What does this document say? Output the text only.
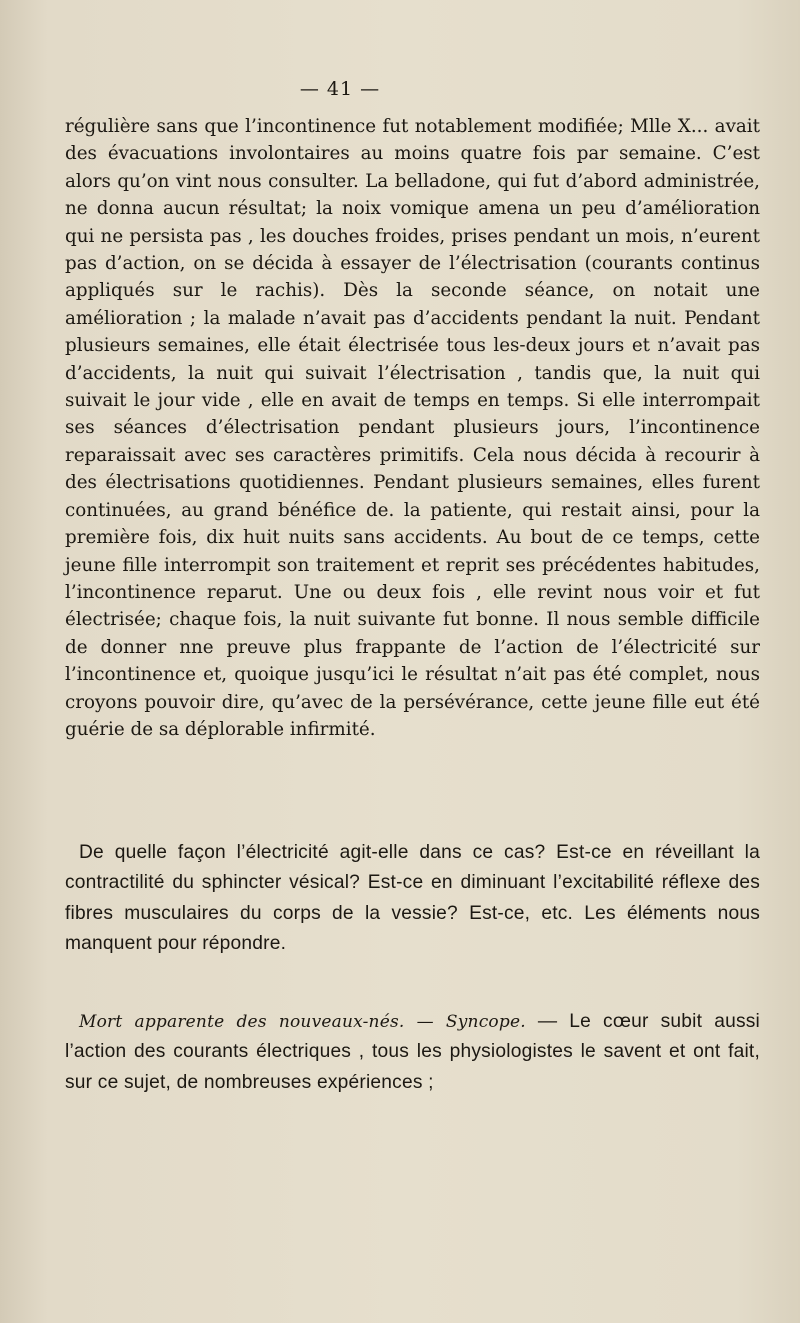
— 41 —

régulière sans que l’incontinence fut notablement modifiée; Mlle X... avait des évacuations involontaires au moins quatre fois par semaine. C’est alors qu’on vint nous consulter. La belladone, qui fut d’abord administrée, ne donna aucun résultat; la noix vomique amena un peu d’amélioration qui ne persista pas , les douches froides, prises pendant un mois, n’eurent pas d’action, on se décida à essayer de l’électrisation (courants continus appliqués sur le rachis). Dès la seconde séance, on notait une amélioration ; la malade n’avait pas d’accidents pendant la nuit. Pendant plusieurs semaines, elle était électrisée tous les-deux jours et n’avait pas d’accidents, la nuit qui suivait l’électrisation , tandis que, la nuit qui suivait le jour vide , elle en avait de temps en temps. Si elle interrompait ses séances d’électrisation pendant plusieurs jours, l’incontinence reparaissait avec ses caractères primitifs. Cela nous décida à recourir à des électrisations quotidiennes. Pendant plusieurs semaines, elles furent continuées, au grand bénéfice de. la patiente, qui restait ainsi, pour la première fois, dix huit nuits sans accidents. Au bout de ce temps, cette jeune fille interrompit son traitement et reprit ses précédentes habitudes, l’incontinence reparut. Une ou deux fois , elle revint nous voir et fut électrisée; chaque fois, la nuit suivante fut bonne. Il nous semble difficile de donner nne preuve plus frappante de l’action de l’électricité sur l’incontinence et, quoique jusqu’ici le résultat n’ait pas été complet, nous croyons pouvoir dire, qu’avec de la persévérance, cette jeune fille eut été guérie de sa déplorable infirmité.

De quelle façon l’électricité agit-elle dans ce cas? Est-ce en réveillant la contractilité du sphincter vésical? Est-ce en diminuant l’excitabilité réflexe des fibres musculaires du corps de la vessie? Est-ce, etc. Les éléments nous manquent pour répondre.

Mort apparente des nouveaux-nés. — Syncope. — Le cœur subit aussi l’action des courants électriques , tous les physiologistes le savent et ont fait, sur ce sujet, de nombreuses expériences ;
